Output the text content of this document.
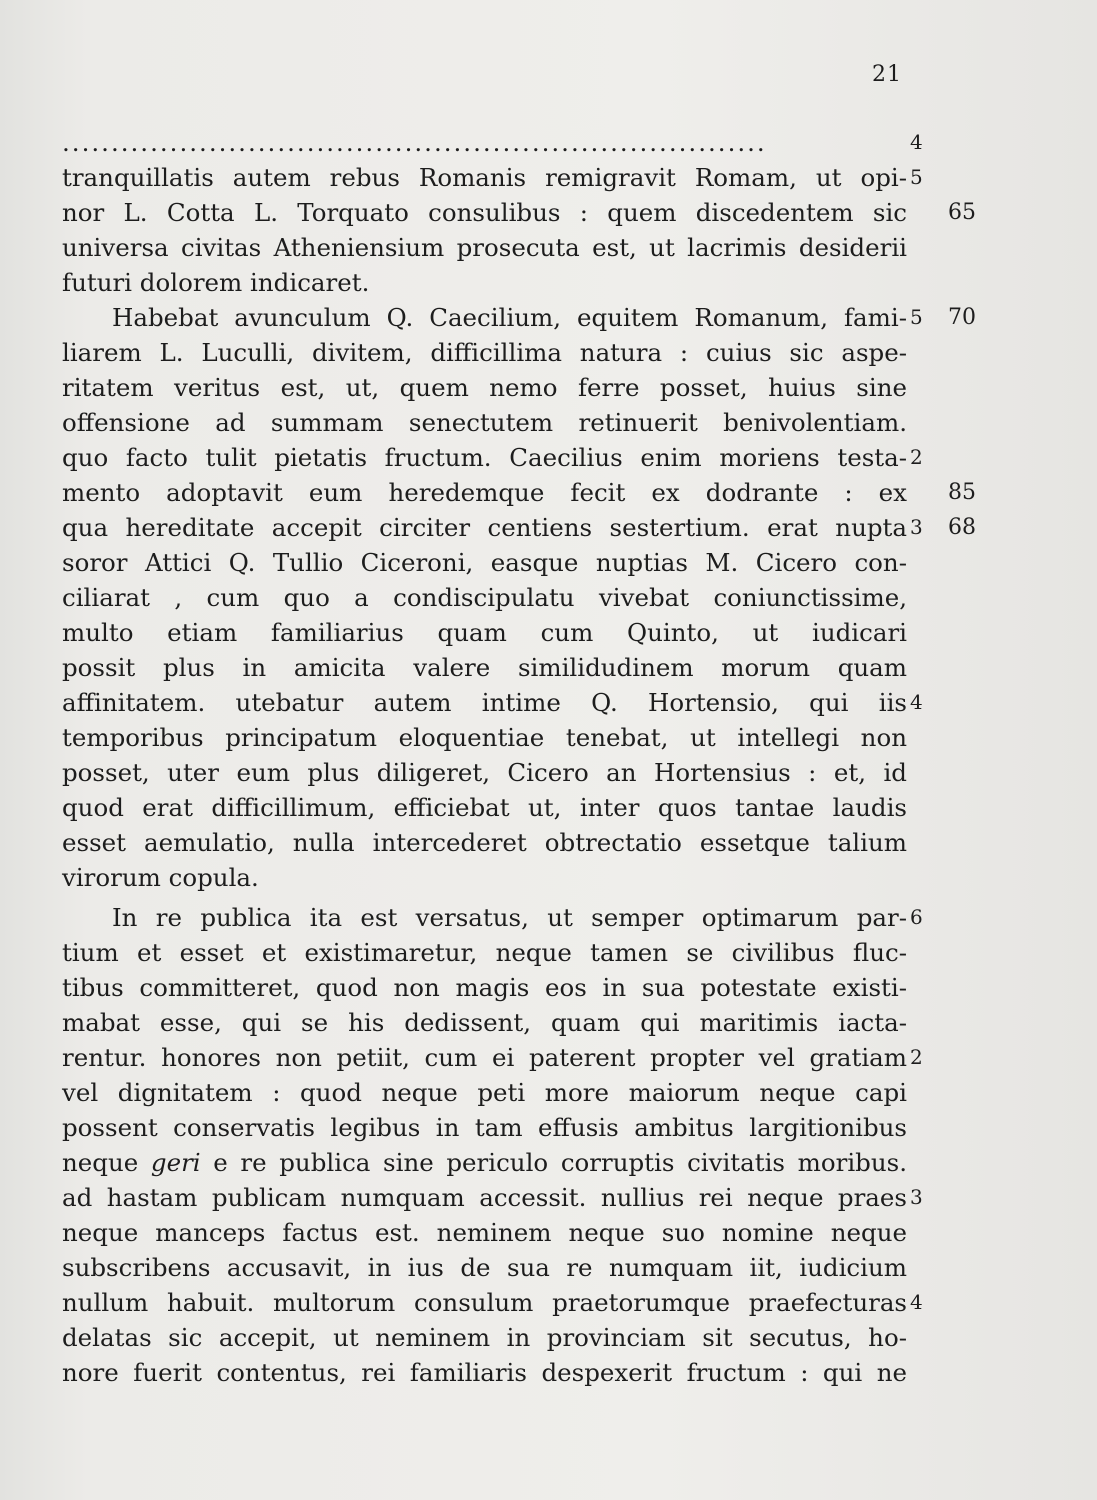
21
........................................................................
tranquillatis autem rebus Romanis remigravit Romam, ut opi-
nor L. Cotta L. Torquato consulibus : quem discedentem sic
universa civitas Atheniensium prosecuta est, ut lacrimis desiderii
futuri dolorem indicaret.
Habebat avunculum Q. Caecilium, equitem Romanum, fami-
liarem L. Luculli, divitem, difficillima natura : cuius sic aspe-
ritatem veritus est, ut, quem nemo ferre posset, huius sine
offensione ad summam senectutem retinuerit benivolentiam.
quo facto tulit pietatis fructum. Caecilius enim moriens testa-
mento adoptavit eum heredemque fecit ex dodrante : ex
qua hereditate accepit circiter centiens sestertium. erat nupta
soror Attici Q. Tullio Ciceroni, easque nuptias M. Cicero con-
ciliarat , cum quo a condiscipulatu vivebat coniunctissime,
multo etiam familiarius quam cum Quinto, ut iudicari
possit plus in amicita valere similidudinem morum quam
affinitatem. utebatur autem intime Q. Hortensio, qui iis
temporibus principatum eloquentiae tenebat, ut intellegi non
posset, uter eum plus diligeret, Cicero an Hortensius : et, id
quod erat difficillimum, efficiebat ut, inter quos tantae laudis
esset aemulatio, nulla intercederet obtrectatio essetque talium
virorum copula.
In re publica ita est versatus, ut semper optimarum par-
tium et esset et existimaretur, neque tamen se civilibus fluc-
tibus committeret, quod non magis eos in sua potestate existi-
mabat esse, qui se his dedissent, quam qui maritimis iacta-
rentur. honores non petiit, cum ei paterent propter vel gratiam
vel dignitatem : quod neque peti more maiorum neque capi
possent conservatis legibus in tam effusis ambitus largitionibus
neque geri e re publica sine periculo corruptis civitatis moribus.
ad hastam publicam numquam accessit. nullius rei neque praes
neque manceps factus est. neminem neque suo nomine neque
subscribens accusavit, in ius de sua re numquam iit, iudicium
nullum habuit. multorum consulum praetorumque praefecturas
delatas sic accepit, ut neminem in provinciam sit secutus, ho-
nore fuerit contentus, rei familiaris despexerit fructum : qui ne
4
5
5
2
3
4
6
2
3
4
65
70
85
68
